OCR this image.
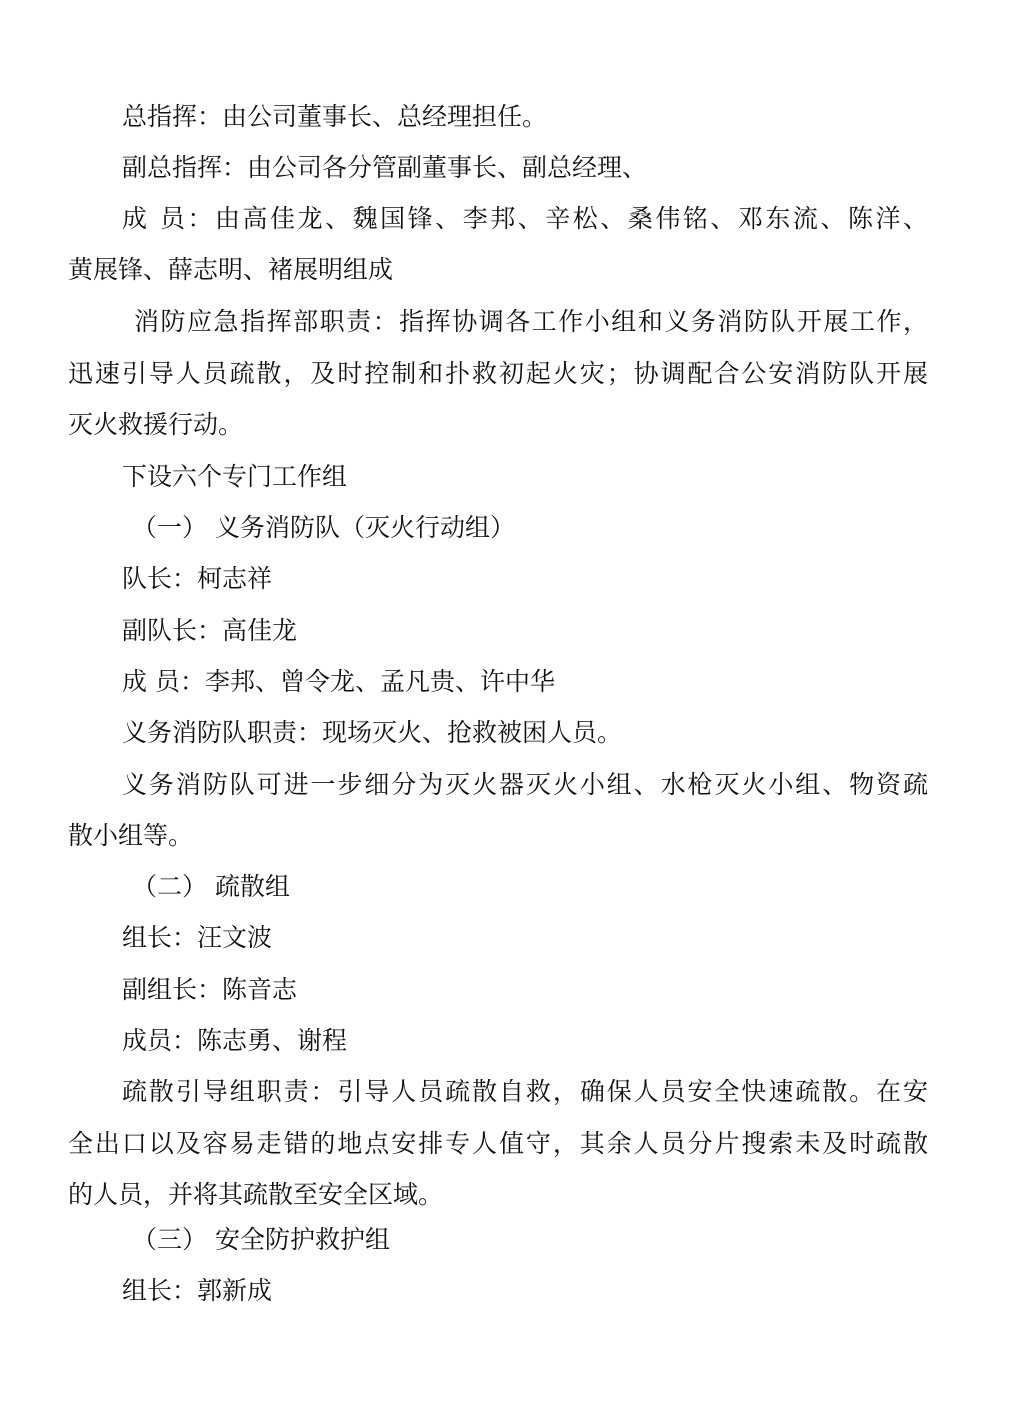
总指挥：由公司董事长、总经理担任。
副总指挥：由公司各分管副董事长、副总经理、
成 员：由高佳龙、魏国锋、李邦、辛松、桑伟铭、邓东流、陈洋、
黄展锋、薛志明、褚展明组成
消防应急指挥部职责：指挥协调各工作小组和义务消防队开展工作，
迅速引导人员疏散，及时控制和扑救初起火灾；协调配合公安消防队开展
灭火救援行动。
下设六个专门工作组
（一） 义务消防队（灭火行动组）
队长：柯志祥
副队长：高佳龙
成 员：李邦、曾令龙、孟凡贵、许中华
义务消防队职责：现场灭火、抢救被困人员。
义务消防队可进一步细分为灭火器灭火小组、水枪灭火小组、物资疏
散小组等。
（二） 疏散组
组长：汪文波
副组长：陈音志
成员：陈志勇、谢程
疏散引导组职责：引导人员疏散自救，确保人员安全快速疏散。在安
全出口以及容易走错的地点安排专人值守，其余人员分片搜索未及时疏散
的人员，并将其疏散至安全区域。
（三） 安全防护救护组
组长：郭新成
